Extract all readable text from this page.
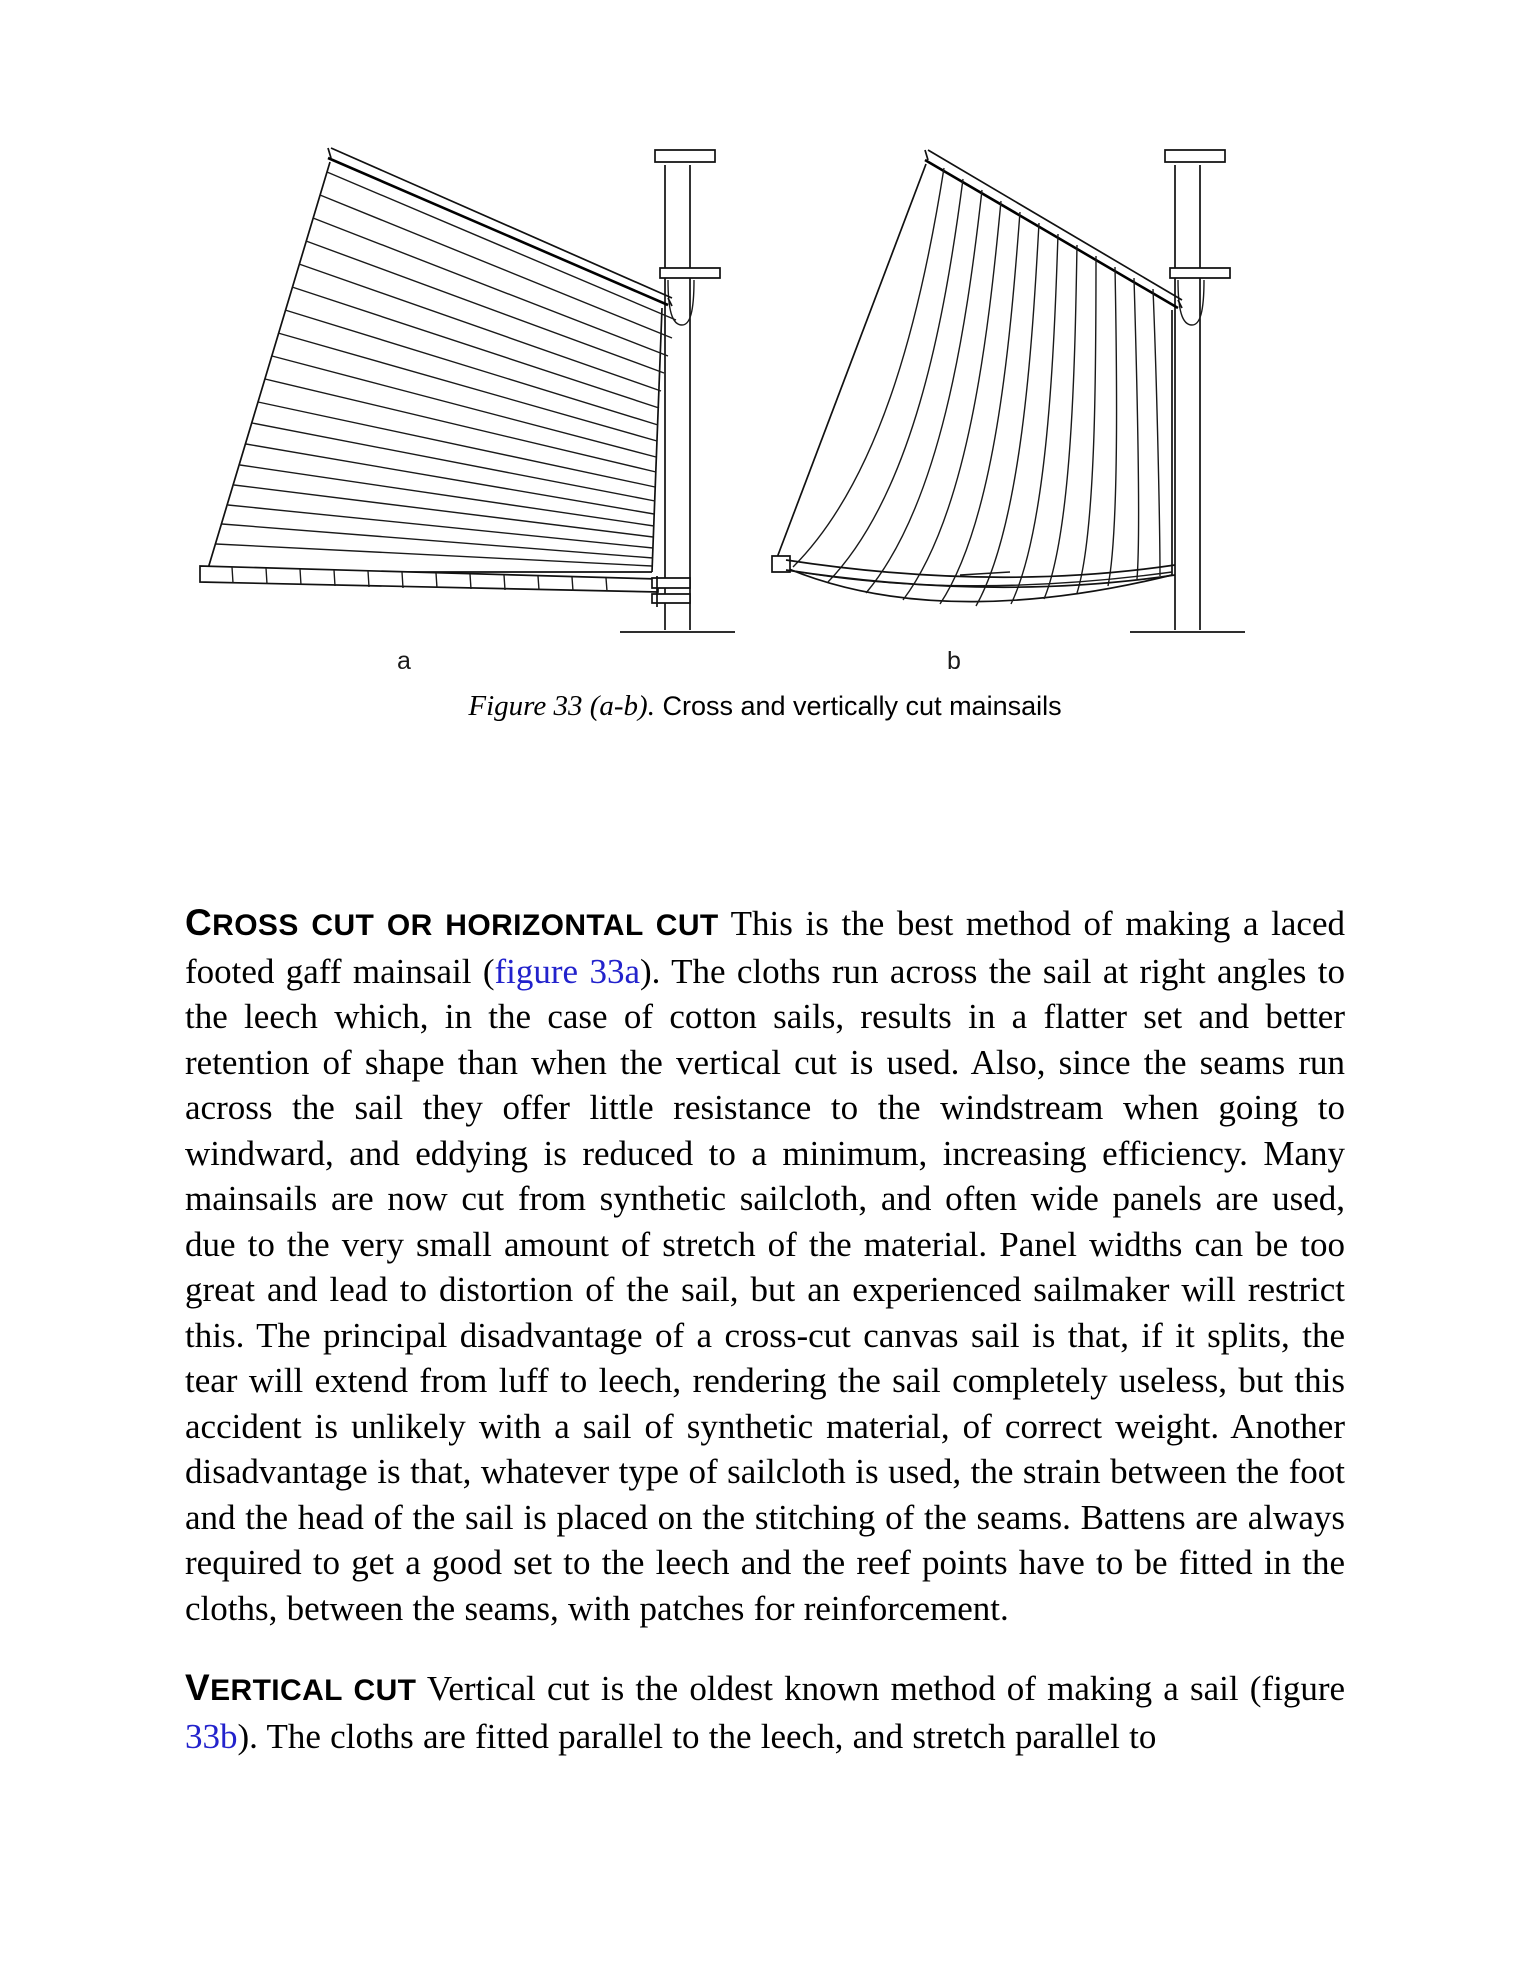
a	b
Figure 33 (a-b). Cross and vertically cut mainsails

CROSS CUT OR HORIZONTAL CUT This is the best method of making a laced footed gaff mainsail (figure 33a). The cloths run across the sail at right angles to the leech which, in the case of cotton sails, results in a flatter set and better retention of shape than when the vertical cut is used. Also, since the seams run across the sail they offer little resistance to the windstream when going to windward, and eddying is reduced to a minimum, increasing efficiency. Many mainsails are now cut from synthetic sailcloth, and often wide panels are used, due to the very small amount of stretch of the material. Panel widths can be too great and lead to distortion of the sail, but an experienced sailmaker will restrict this. The principal disadvantage of a cross-cut canvas sail is that, if it splits, the tear will extend from luff to leech, rendering the sail completely useless, but this accident is unlikely with a sail of synthetic material, of correct weight. Another disadvantage is that, whatever type of sailcloth is used, the strain between the foot and the head of the sail is placed on the stitching of the seams. Battens are always required to get a good set to the leech and the reef points have to be fitted in the cloths, between the seams, with patches for reinforcement.

VERTICAL CUT Vertical cut is the oldest known method of making a sail (figure 33b). The cloths are fitted parallel to the leech, and stretch parallel to
